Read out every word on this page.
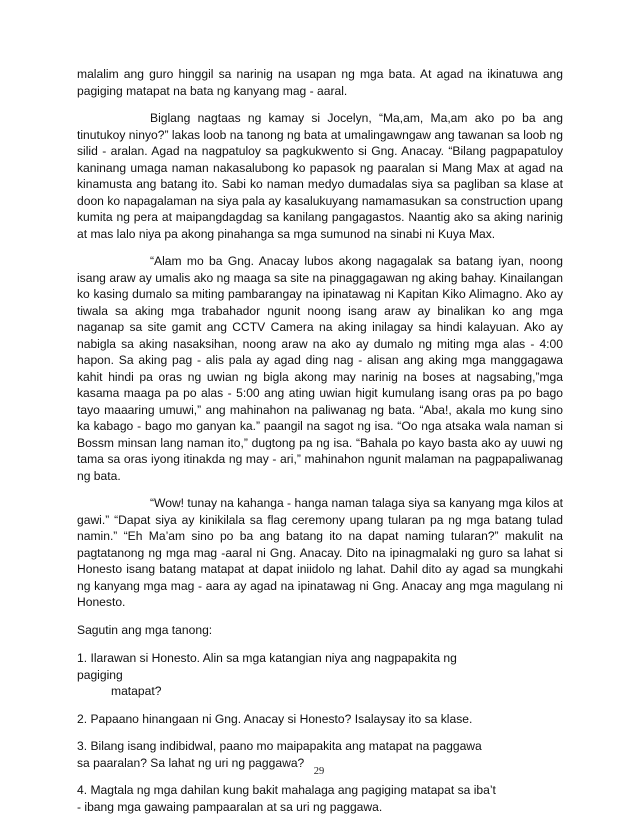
malalim ang guro hinggil sa narinig na usapan ng mga bata. At agad na ikinatuwa ang pagiging matapat na bata ng kanyang mag - aaral.

Biglang nagtaas ng kamay si Jocelyn, “Ma,am, Ma,am ako po ba ang tinutukoy ninyo?” lakas loob na tanong ng bata at umalingawngaw ang tawanan sa loob ng silid - aralan. Agad na nagpatuloy sa pagkukwento si Gng. Anacay. “Bilang pagpapatuloy kaninang umaga naman nakasalubong ko papasok ng paaralan si Mang Max at agad na kinamusta ang batang ito. Sabi ko naman medyo dumadalas siya sa pagliban sa klase at doon ko napagalaman na siya pala ay kasalukuyang namamasukan sa construction upang kumita ng pera at maipangdagdag sa kanilang pangagastos. Naantig ako sa aking narinig at mas lalo niya pa akong pinahanga sa mga sumunod na sinabi ni Kuya Max.

“Alam mo ba Gng. Anacay lubos akong nagagalak sa batang iyan, noong isang araw ay umalis ako ng maaga sa site na pinaggagawan ng aking bahay. Kinailangan ko kasing dumalo sa miting pambarangay na ipinatawag ni Kapitan Kiko Alimagno. Ako ay tiwala sa aking mga trabahador ngunit noong isang araw ay binalikan ko ang mga naganap sa site gamit ang CCTV Camera na aking inilagay sa hindi kalayuan. Ako ay nabigla sa aking nasaksihan, noong araw na ako ay dumalo ng miting mga alas - 4:00 hapon. Sa aking pag - alis pala ay agad ding nag - alisan ang aking mga manggagawa kahit hindi pa oras ng uwian ng bigla akong may narinig na boses at nagsabing,”mga kasama maaga pa po alas - 5:00 ang ating uwian higit kumulang isang oras pa po bago tayo maaaring umuwi,” ang mahinahon na paliwanag ng bata. “Aba!, akala mo kung sino ka kabago - bago mo ganyan ka.” paangil na sagot ng isa. “Oo nga atsaka wala naman si Bossm minsan lang naman ito,” dugtong pa ng isa. “Bahala po kayo basta ako ay uuwi ng tama sa oras iyong itinakda ng may - ari,” mahinahon ngunit malaman na pagpapaliwanag ng bata.

“Wow! tunay na kahanga - hanga naman talaga siya sa kanyang mga kilos at gawi.” “Dapat siya ay kinikilala sa flag ceremony upang tularan pa ng mga batang tulad namin.” “Eh Ma’am sino po ba ang batang ito na dapat naming tularan?” makulit na pagtatanong ng mga mag -aaral ni Gng. Anacay. Dito na ipinagmalaki ng guro sa lahat si Honesto isang batang matapat at dapat iniidolo ng lahat. Dahil dito ay agad sa mungkahi ng kanyang mga mag - aara ay agad na ipinatawag ni Gng. Anacay ang mga magulang ni Honesto.

Sagutin ang mga tanong:

1. Ilarawan si Honesto. Alin sa mga katangian niya ang nagpapakita ng pagiging
matapat?
2. Papaano hinangaan ni Gng. Anacay si Honesto? Isalaysay ito sa klase.
3. Bilang isang indibidwal, paano mo maipapakita ang matapat na paggawa sa paaralan? Sa lahat ng uri ng paggawa?
4. Magtala ng mga dahilan kung bakit mahalaga ang pagiging matapat sa iba’t - ibang mga gawaing pampaaralan at sa uri ng paggawa.
29
